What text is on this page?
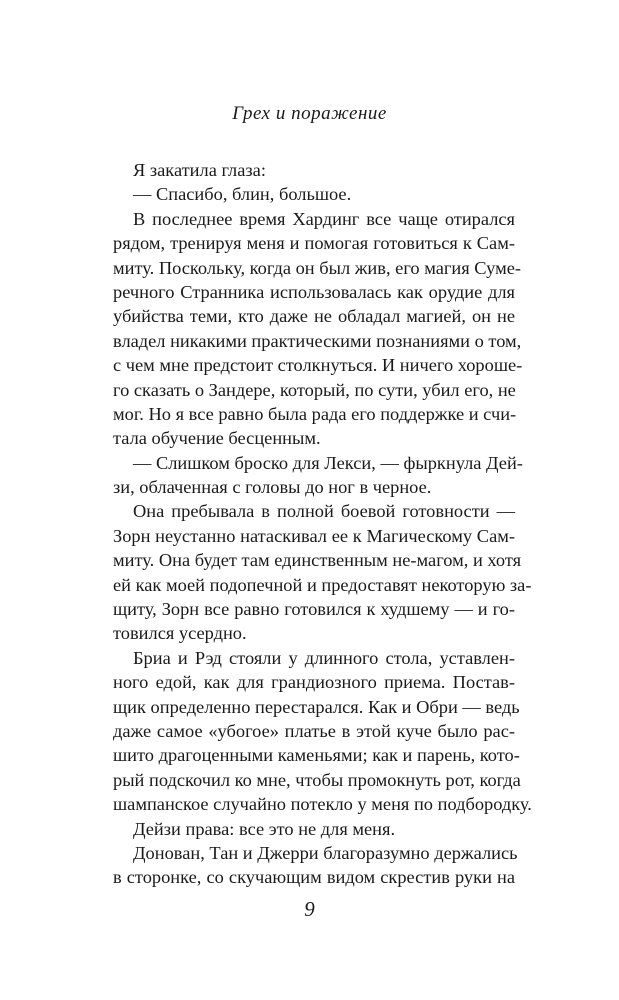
Грех и поражение
Я закатила глаза:
— Спасибо, блин, большое.
В последнее время Хардинг все чаще отирался
рядом, тренируя меня и помогая готовиться к Сам-
миту. Поскольку, когда он был жив, его магия Суме-
речного Странника использовалась как орудие для
убийства теми, кто даже не обладал магией, он не
владел никакими практическими познаниями о том,
с чем мне предстоит столкнуться. И ничего хороше-
го сказать о Зандере, который, по сути, убил его, не
мог. Но я все равно была рада его поддержке и счи-
тала обучение бесценным.
— Слишком броско для Лекси, — фыркнула Дей-
зи, облаченная с головы до ног в черное.
Она пребывала в полной боевой готовности —
Зорн неустанно натаскивал ее к Магическому Сам-
миту. Она будет там единственным не-магом, и хотя
ей как моей подопечной и предоставят некоторую за-
щиту, Зорн все равно готовился к худшему — и го-
товился усердно.
Бриа и Рэд стояли у длинного стола, уставлен-
ного едой, как для грандиозного приема. Постав-
щик определенно перестарался. Как и Обри — ведь
даже самое «убогое» платье в этой куче было рас-
шито драгоценными каменьями; как и парень, кото-
рый подскочил ко мне, чтобы промокнуть рот, когда
шампанское случайно потекло у меня по подбородку.
Дейзи права: все это не для меня.
Донован, Тан и Джерри благоразумно держались
в сторонке, со скучающим видом скрестив руки на
9
